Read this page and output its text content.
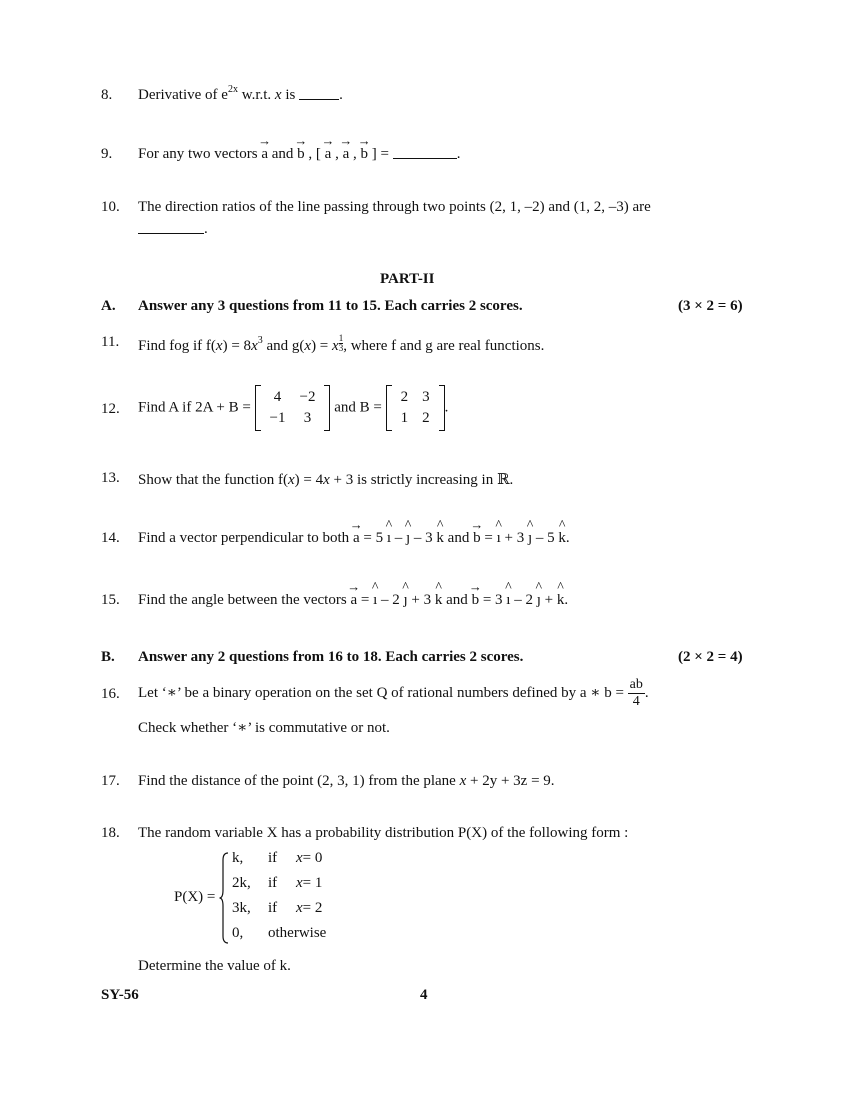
8. Derivative of $e^{2x}$ w.r.t. x is	.
9. For any two vectors → a and → b , [ → a , → a , → b ] =	.
10. The direction ratios of the line passing through two points (2, 1, –2) and (1, 2, –3) are
.
PART-II
A. Answer any 3 questions from 11 to 15. Each carries 2 scores.	(3 × 2 = 6)
11. Find fog if $f(x) = 8x^3$ and g(x) = x $\frac{1}{3}$ , where f and g are real functions.
12. Find A if 2A + B =
4	−2
−1	3
and B =
2	3
1	2
.
13. Show that the function f(x) = 4x + 3 is strictly increasing in ℝ.
14. Find a vector perpendicular to both → a = 5 ^ ı – ^ ȷ – 3 ^ k and → b = ^ ı + 3 ^ ȷ – 5 ^ k.
15. Find the angle between the vectors → a = ^ ı – 2 ^ ȷ + 3 ^ k and → b = 3 ^ ı – 2 ^ ȷ + ^ k.
B. Answer any 2 questions from 16 to 18. Each carries 2 scores.	(2 × 2 = 4)
16. Let ‘∗’ be a binary operation on the set Q of rational numbers defined by a ∗ $b = \frac{ab}{4}$ .
Check whether ‘∗’ is commutative or not.
17. Find the distance of the point (2, 3, 1) from the plane x + 2y + 3z = 9.
18. The random variable X has a probability distribution P(X) of the following form :
P(X) =
k, if x= 0
2k, if x= 1
3k, if x= 2
0, otherwise
Determine the value of k.
SY-56	4
